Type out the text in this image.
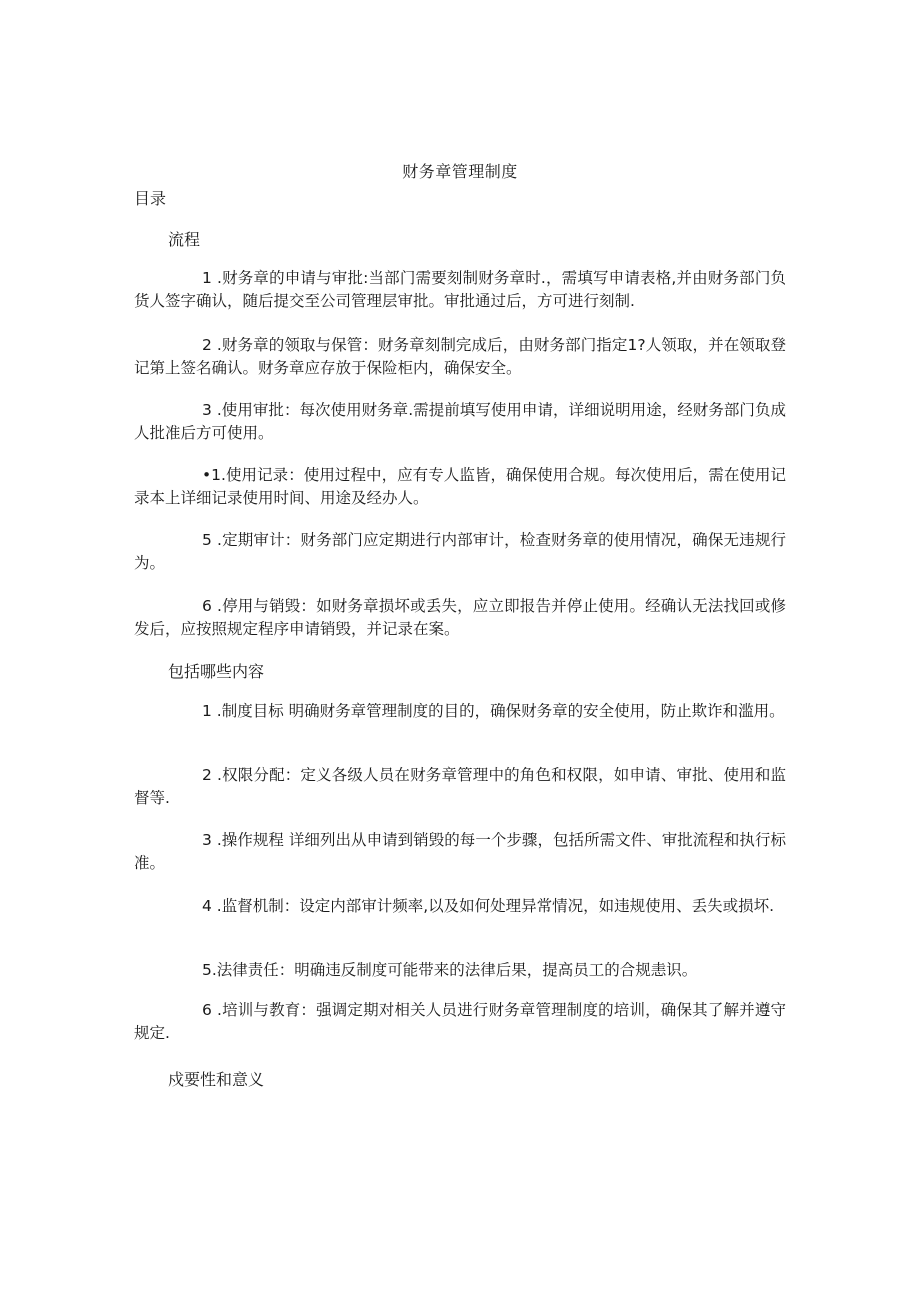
财务章管理制度
目录
流程
1 .财务章的申请与审批:当部门需要刻制财务章时.，需填写申请表格,并由财务部门负货人签字确认，随后提交至公司管理层审批。审批通过后，方可进行刻制.
2 .财务章的领取与保管：财务章刻制完成后，由财务部门指定1?人领取，并在领取登记第上签名确认。财务章应存放于保险柜内，确保安全。
3 .使用审批：每次使用财务章.需提前填写使用申请，详细说明用途，经财务部门负成人批准后方可使用。
•1.使用记录：使用过程中，应有专人监皆，确保使用合规。每次使用后，需在使用记录本上详细记录使用时间、用途及经办人。
5 .定期审计：财务部门应定期进行内部审计，检查财务章的使用情况，确保无违规行为。
6 .停用与销毁：如财务章损坏或丢失，应立即报告并停止使用。经确认无法找回或修发后，应按照规定程序申请销毁，并记录在案。
包括哪些内容
1 .制度目标 明确财务章管理制度的目的，确保财务章的安全使用，防止欺诈和滥用。
2 .权限分配：定义各级人员在财务章管理中的角色和权限，如申请、审批、使用和监督等.
3 .操作规程 详细列出从申请到销毁的每一个步骤，包括所需文件、审批流程和执行标准。
4 .监督机制：设定内部审计频率,以及如何处理异常情况，如违规使用、丢失或损坏.
5.法律责任：明确违反制度可能带来的法律后果，提高员工的合规恚识。
6 .培训与教育：强调定期对相关人员进行财务章管理制度的培训，确保其了解并遵守规定.
戍要性和意义
